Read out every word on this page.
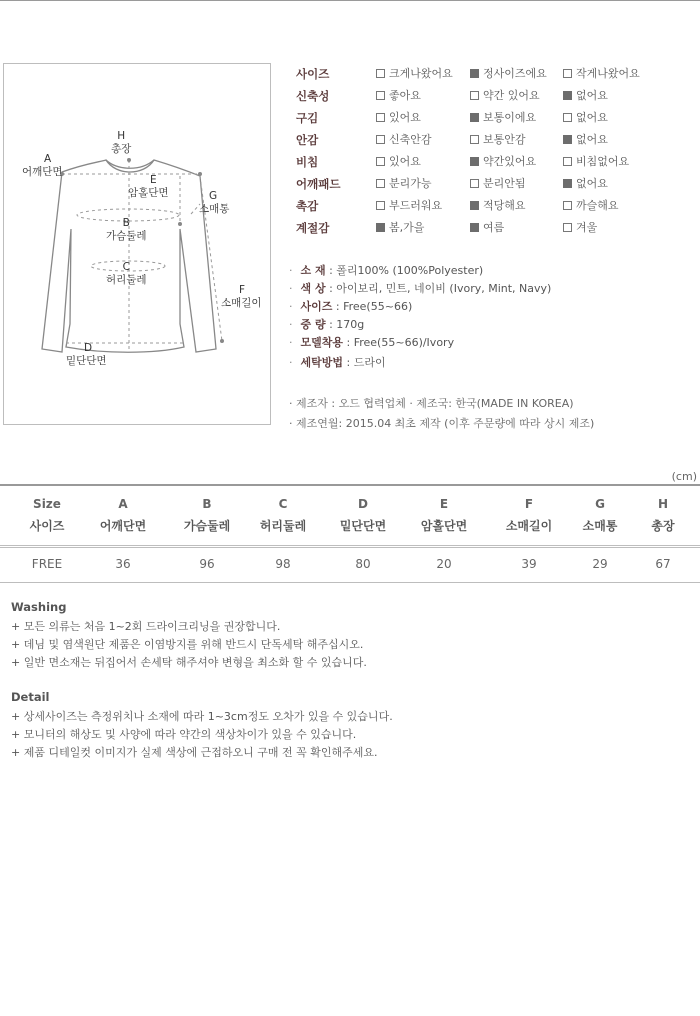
H
총장
A
어깨단면
E
암홀단면	G
소매통
B
가슴둘레
C
허리둘레
F
소매길이
D
밑단단면
사이즈	크게나왔어요	정사이즈에요	작게나왔어요
신축성	좋아요	약간 있어요	없어요
구김	있어요	보통이에요	없어요
안감	신축안감	보통안감	없어요
비침	있어요	약간있어요	비침없어요
어깨패드	분리가능	분리안됨	없어요
촉감	부드러워요	적당해요	까슬해요
계절감	봄,가을	여름	겨울
· 소 재 : 폴리100% (100%Polyester)
· 색 상 : 아이보리, 민트, 네이비 (Ivory, Mint, Navy)
· 사이즈 : Free(55~66)
· 중 량 : 170g
· 모델착용 : Free(55~66)/Ivory
· 세탁방법 : 드라이
· 제조자 : 오드 협력업체 · 제조국: 한국(MADE IN KOREA)
· 제조연월: 2015.04 최초 제작 (이후 주문량에 따라 상시 제조)
(cm)
Size	A	B	C	D	E	F	G	H
사이즈	어깨단면	가슴둘레	허리둘레	밑단단면	암홀단면	소매길이	소매통	총장
FREE	36	96	98	80	20	39	29	67
Washing
+ 모든 의류는 처음 1~2회 드라이크리닝을 권장합니다.
+ 데님 및 염색원단 제품은 이염방지를 위해 반드시 단독세탁 해주십시오.
+ 일반 면소재는 뒤집어서 손세탁 해주셔야 변형을 최소화 할 수 있습니다.
Detail
+ 상세사이즈는 측정위치나 소재에 따라 1~3cm정도 오차가 있을 수 있습니다.
+ 모니터의 해상도 및 사양에 따라 약간의 색상차이가 있을 수 있습니다.
+ 제품 디테일컷 이미지가 실제 색상에 근접하오니 구매 전 꼭 확인해주세요.
